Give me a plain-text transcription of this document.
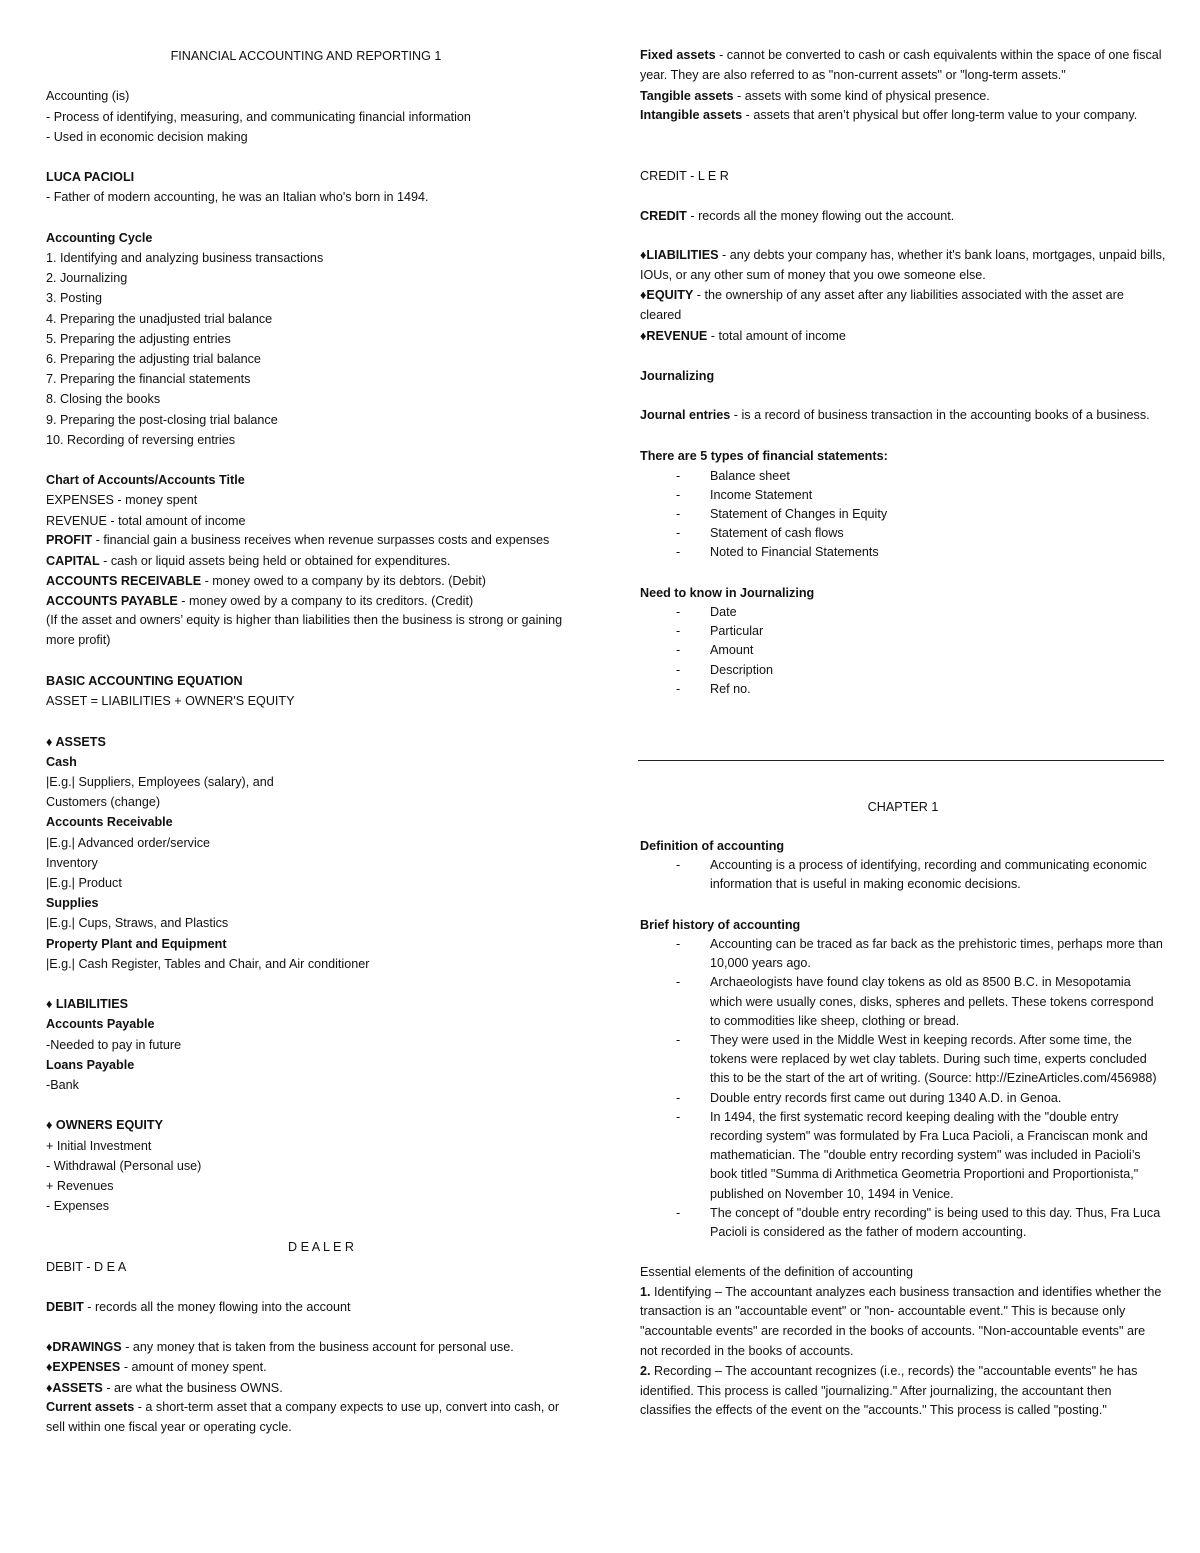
FINANCIAL ACCOUNTING AND REPORTING 1
Accounting (is)
- Process of identifying, measuring, and communicating financial information
- Used in economic decision making
LUCA PACIOLI
- Father of modern accounting, he was an Italian who's born in 1494.
Accounting Cycle
1. Identifying and analyzing business transactions
2. Journalizing
3. Posting
4. Preparing the unadjusted trial balance
5. Preparing the adjusting entries
6. Preparing the adjusting trial balance
7. Preparing the financial statements
8. Closing the books
9. Preparing the post-closing trial balance
10. Recording of reversing entries
Chart of Accounts/Accounts Title
EXPENSES - money spent
REVENUE - total amount of income
PROFIT - financial gain a business receives when revenue surpasses costs and expenses
CAPITAL - cash or liquid assets being held or obtained for expenditures.
ACCOUNTS RECEIVABLE - money owed to a company by its debtors. (Debit)
ACCOUNTS PAYABLE - money owed by a company to its creditors. (Credit)
(If the asset and owners’ equity is higher than liabilities then the business is strong or gaining more profit)
BASIC ACCOUNTING EQUATION
ASSET = LIABILITIES + OWNER'S EQUITY
♦ ASSETS
Cash
|E.g.| Suppliers, Employees (salary), and
Customers (change)
Accounts Receivable
|E.g.| Advanced order/service
Inventory
|E.g.| Product
Supplies
|E.g.| Cups, Straws, and Plastics
Property Plant and Equipment
|E.g.| Cash Register, Tables and Chair, and Air conditioner
♦ LIABILITIES
Accounts Payable
-Needed to pay in future
Loans Payable
-Bank
♦ OWNERS EQUITY
+ Initial Investment
- Withdrawal (Personal use)
+ Revenues
- Expenses
D E A L E R
DEBIT - D E A
DEBIT - records all the money flowing into the account
♦DRAWINGS - any money that is taken from the business account for personal use.
♦EXPENSES - amount of money spent.
♦ASSETS - are what the business OWNS.
Current assets - a short-term asset that a company expects to use up, convert into cash, or sell within one fiscal year or operating cycle.
Fixed assets - cannot be converted to cash or cash equivalents within the space of one fiscal year. They are also referred to as "non-current assets" or "long-term assets."
Tangible assets - assets with some kind of physical presence.
Intangible assets - assets that aren’t physical but offer long-term value to your company.
CREDIT - L E R
CREDIT - records all the money flowing out the account.
♦LIABILITIES - any debts your company has, whether it's bank loans, mortgages, unpaid bills, IOUs, or any other sum of money that you owe someone else.
♦EQUITY - the ownership of any asset after any liabilities associated with the asset are cleared
♦REVENUE - total amount of income
Journalizing
Journal entries - is a record of business transaction in the accounting books of a business.
There are 5 types of financial statements:
- Balance sheet
- Income Statement
- Statement of Changes in Equity
- Statement of cash flows
- Noted to Financial Statements
Need to know in Journalizing
- Date
- Particular
- Amount
- Description
- Ref no.
CHAPTER 1
Definition of accounting
- Accounting is a process of identifying, recording and communicating economic information that is useful in making economic decisions.
Brief history of accounting
- Accounting can be traced as far back as the prehistoric times, perhaps more than 10,000 years ago.
- Archaeologists have found clay tokens as old as 8500 B.C. in Mesopotamia which were usually cones, disks, spheres and pellets. These tokens correspond to commodities like sheep, clothing or bread.
- They were used in the Middle West in keeping records. After some time, the tokens were replaced by wet clay tablets. During such time, experts concluded this to be the start of the art of writing. (Source: http://EzineArticles.com/456988)
- Double entry records first came out during 1340 A.D. in Genoa.
- In 1494, the first systematic record keeping dealing with the "double entry recording system" was formulated by Fra Luca Pacioli, a Franciscan monk and mathematician. The "double entry recording system" was included in Pacioli’s book titled "Summa di Arithmetica Geometria Proportioni and Proportionista," published on November 10, 1494 in Venice.
- The concept of "double entry recording" is being used to this day. Thus, Fra Luca Pacioli is considered as the father of modern accounting.
Essential elements of the definition of accounting
1. Identifying – The accountant analyzes each business transaction and identifies whether the transaction is an "accountable event" or "non- accountable event." This is because only "accountable events" are recorded in the books of accounts. "Non-accountable events" are not recorded in the books of accounts.
2. Recording – The accountant recognizes (i.e., records) the "accountable events" he has identified. This process is called "journalizing." After journalizing, the accountant then classifies the effects of the event on the "accounts." This process is called "posting."
